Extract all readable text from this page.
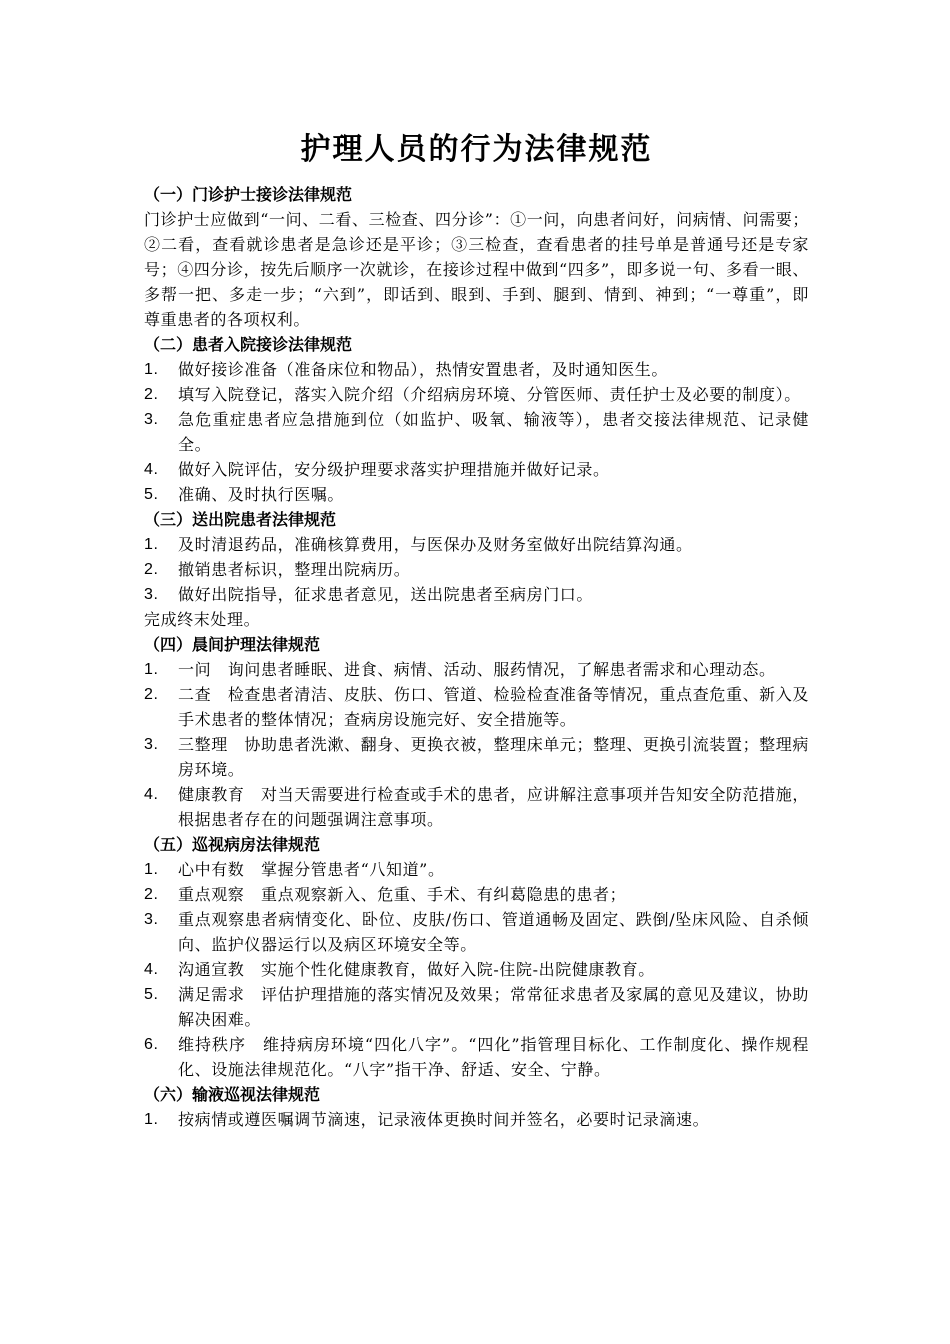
护理人员的行为法律规范
（一）门诊护士接诊法律规范
门诊护士应做到“一问、二看、三检查、四分诊”：①一问，向患者问好，问病情、问需要；②二看，查看就诊患者是急诊还是平诊；③三检查，查看患者的挂号单是普通号还是专家号；④四分诊，按先后顺序一次就诊，在接诊过程中做到“四多”，即多说一句、多看一眼、多帮一把、多走一步；“六到”，即话到、眼到、手到、腿到、情到、神到；“一尊重”，即尊重患者的各项权利。
（二）患者入院接诊法律规范
1.	做好接诊准备（准备床位和物品），热情安置患者，及时通知医生。
2.	填写入院登记，落实入院介绍（介绍病房环境、分管医师、责任护士及必要的制度）。
3.	急危重症患者应急措施到位（如监护、吸氧、输液等），患者交接法律规范、记录健全。
4.	做好入院评估，安分级护理要求落实护理措施并做好记录。
5.	准确、及时执行医嘱。
（三）送出院患者法律规范
1.	及时清退药品，准确核算费用，与医保办及财务室做好出院结算沟通。
2.	撤销患者标识，整理出院病历。
3.	做好出院指导，征求患者意见，送出院患者至病房门口。
完成终末处理。
（四）晨间护理法律规范
1.	一问　询问患者睡眠、进食、病情、活动、服药情况，了解患者需求和心理动态。
2.	二查　检查患者清洁、皮肤、伤口、管道、检验检查准备等情况，重点查危重、新入及手术患者的整体情况；查病房设施完好、安全措施等。
3.	三整理　协助患者洗漱、翻身、更换衣被，整理床单元；整理、更换引流装置；整理病房环境。
4.	健康教育　对当天需要进行检查或手术的患者，应讲解注意事项并告知安全防范措施，根据患者存在的问题强调注意事项。
（五）巡视病房法律规范
1.	心中有数　掌握分管患者“八知道”。
2.	重点观察　重点观察新入、危重、手术、有纠葛隐患的患者；
3.	重点观察患者病情变化、卧位、皮肤/伤口、管道通畅及固定、跌倒/坠床风险、自杀倾向、监护仪器运行以及病区环境安全等。
4.	沟通宣教　实施个性化健康教育，做好入院-住院-出院健康教育。
5.	满足需求　评估护理措施的落实情况及效果；常常征求患者及家属的意见及建议，协助解决困难。
6.	维持秩序　维持病房环境“四化八字”。“四化”指管理目标化、工作制度化、操作规程化、设施法律规范化。“八字”指干净、舒适、安全、宁静。
（六）输液巡视法律规范
1.	按病情或遵医嘱调节滴速，记录液体更换时间并签名，必要时记录滴速。
